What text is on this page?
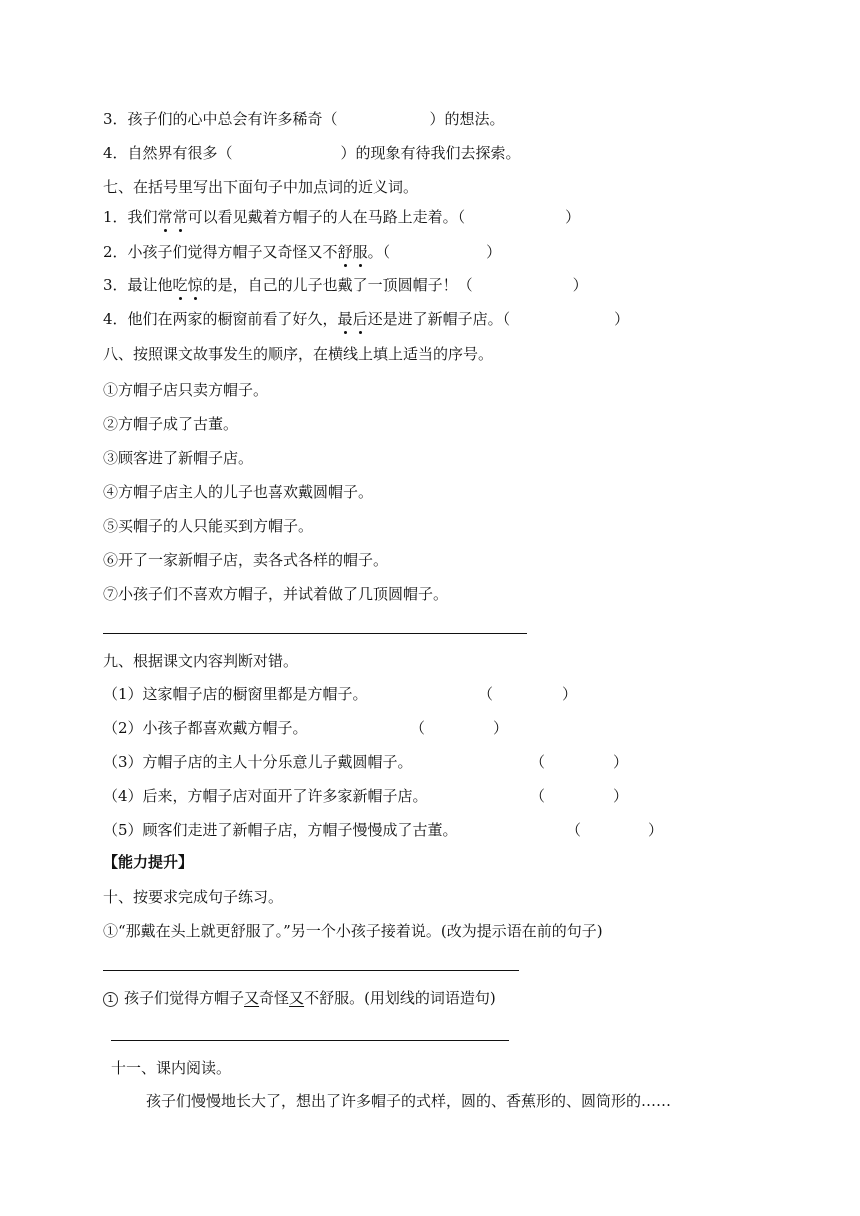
3．孩子们的心中总会有许多稀奇（	）的想法。
4．自然界有很多（	）的现象有待我们去探索。
七、在括号里写出下面句子中加点词的近义词。
1．我们常常可以看见戴着方帽子的人在马路上走着。（	）
2．小孩子们觉得方帽子又奇怪又不舒服。（	）
3．最让他吃惊的是，自己的儿子也戴了一顶圆帽子！（	）
4．他们在两家的橱窗前看了好久，最后还是进了新帽子店。（	）
八、按照课文故事发生的顺序，在横线上填上适当的序号。
①方帽子店只卖方帽子。
②方帽子成了古董。
③顾客进了新帽子店。
④方帽子店主人的儿子也喜欢戴圆帽子。
⑤买帽子的人只能买到方帽子。
⑥开了一家新帽子店，卖各式各样的帽子。
⑦小孩子们不喜欢方帽子，并试着做了几顶圆帽子。
九、根据课文内容判断对错。
（1）这家帽子店的橱窗里都是方帽子。	（	）
（2）小孩子都喜欢戴方帽子。	（	）
（3）方帽子店的主人十分乐意儿子戴圆帽子。	（	）
（4）后来，方帽子店对面开了许多家新帽子店。	（	）
（5）顾客们走进了新帽子店，方帽子慢慢成了古董。	（	）
【能力提升】
十、按要求完成句子练习。
①“那戴在头上就更舒服了。”另一个小孩子接着说。(改为提示语在前的句子)
1 孩子们觉得方帽子又奇怪又不舒服。(用划线的词语造句)
十一、课内阅读。
孩子们慢慢地长大了，想出了许多帽子的式样，圆的、香蕉形的、圆筒形的……
